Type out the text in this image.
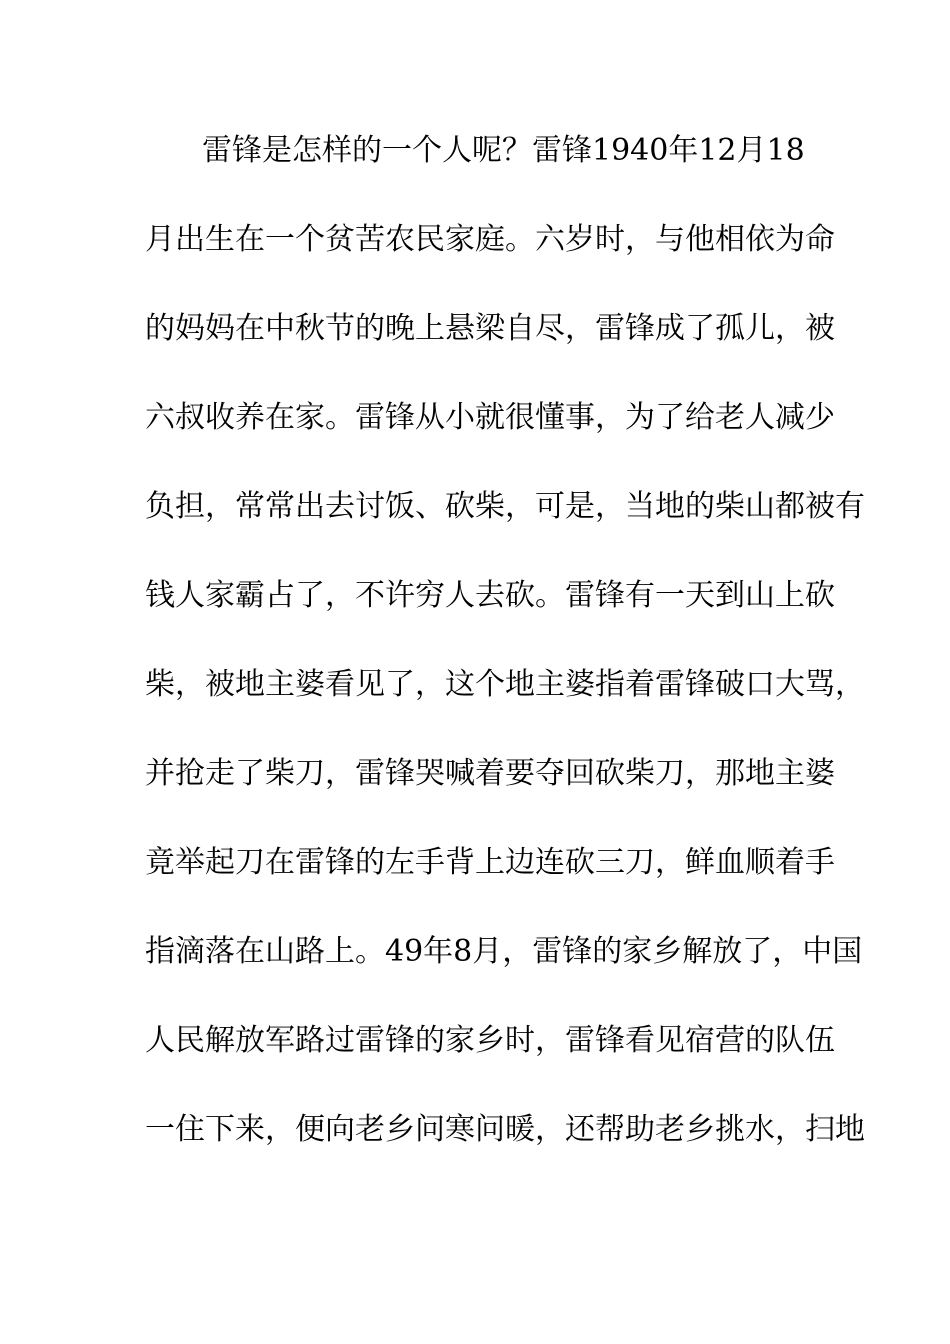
雷锋是怎样的一个人呢？雷锋1940年12月18
月出生在一个贫苦农民家庭。六岁时，与他相依为命
的妈妈在中秋节的晚上悬梁自尽，雷锋成了孤儿，被
六叔收养在家。雷锋从小就很懂事，为了给老人减少
负担，常常出去讨饭、砍柴，可是，当地的柴山都被有
钱人家霸占了，不许穷人去砍。雷锋有一天到山上砍
柴，被地主婆看见了，这个地主婆指着雷锋破口大骂，
并抢走了柴刀，雷锋哭喊着要夺回砍柴刀，那地主婆
竟举起刀在雷锋的左手背上边连砍三刀，鲜血顺着手
指滴落在山路上。49年8月，雷锋的家乡解放了，中国
人民解放军路过雷锋的家乡时，雷锋看见宿营的队伍
一住下来，便向老乡问寒问暖，还帮助老乡挑水，扫地
